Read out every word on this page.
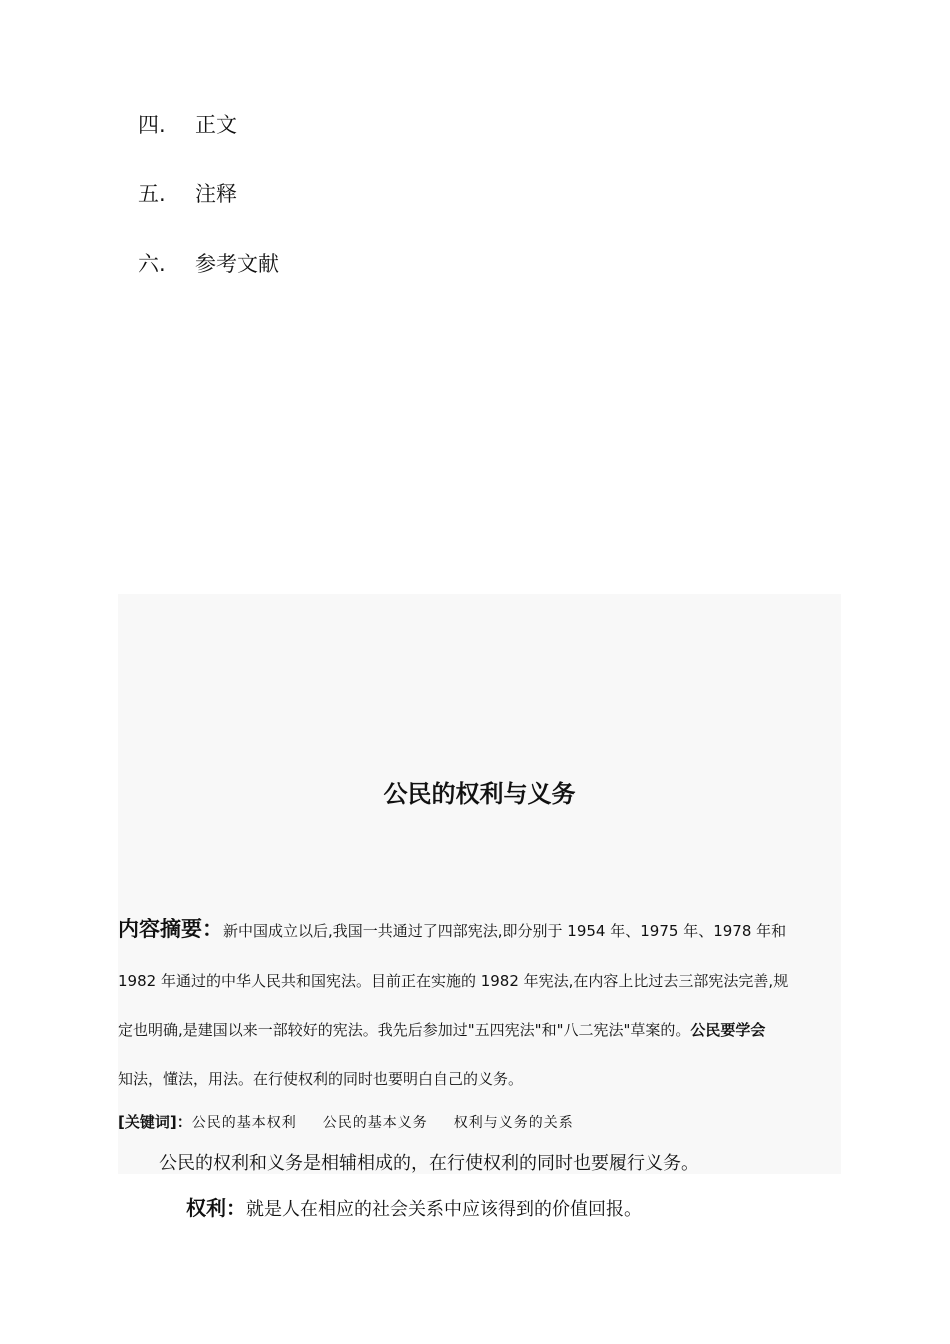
四. 正文
五. 注释
六. 参考文献
公民的权利与义务
内容摘要：新中国成立以后,我国一共通过了四部宪法,即分别于 1954 年、1975 年、1978 年和
1982 年通过的中华人民共和国宪法。目前正在实施的 1982 年宪法,在内容上比过去三部宪法完善,规
定也明确,是建国以来一部较好的宪法。我先后参加过"五四宪法"和"八二宪法"草案的。公民要学会
知法，懂法，用法。在行使权利的同时也要明白自己的义务。
[关键词]：公民的基本权利 公民的基本义务 权利与义务的关系
公民的权利和义务是相辅相成的，在行使权利的同时也要履行义务。
权利：就是人在相应的社会关系中应该得到的价值回报。
